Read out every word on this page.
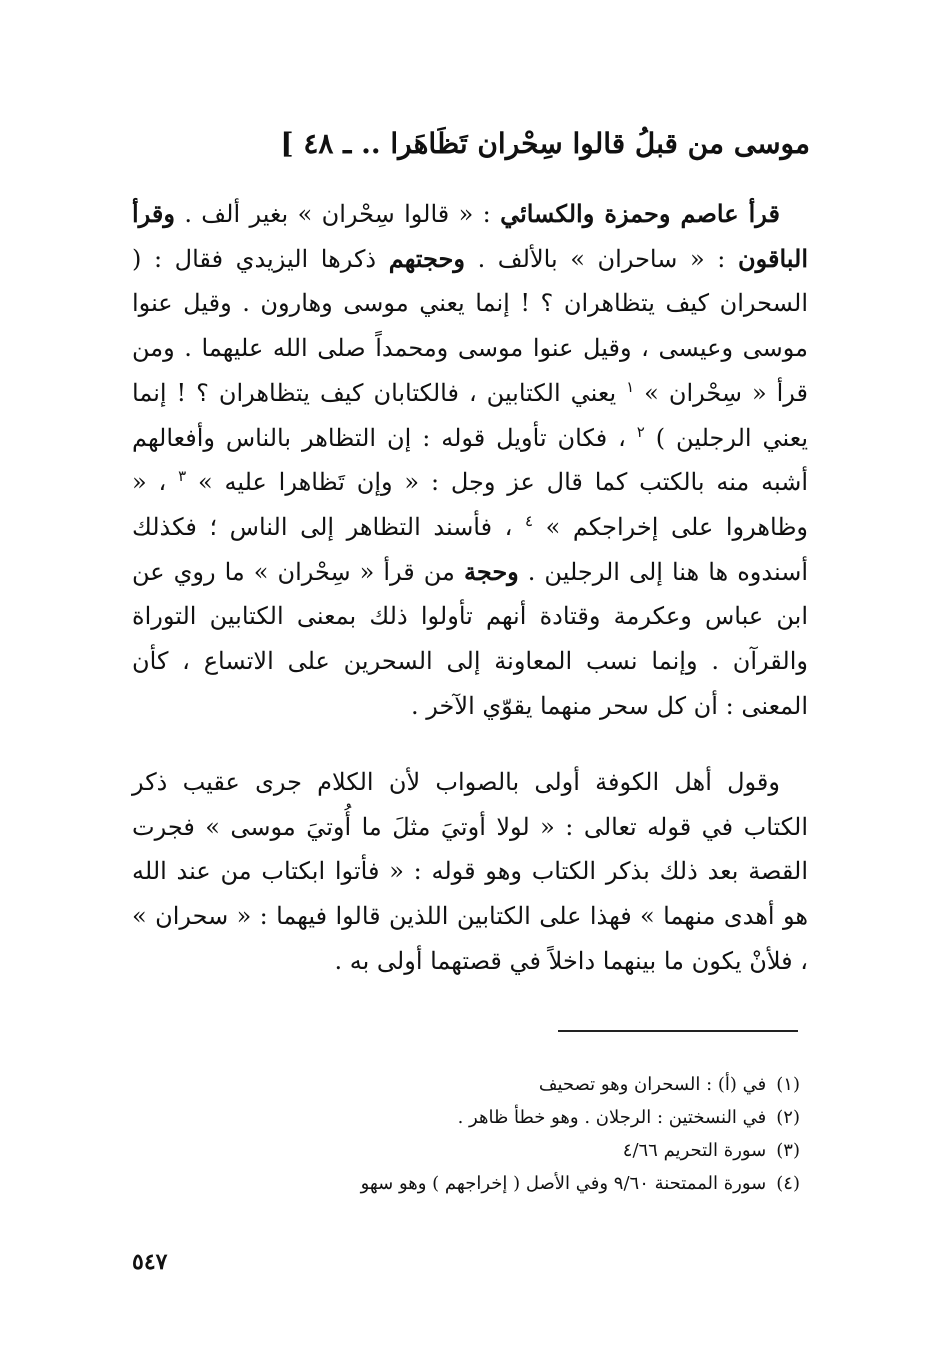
موسى من قبلُ قالوا سِحْران تَظَاهَرا .. ـ ٤٨ ]
قرأ عاصم وحمزة والكسائي : « قالوا سِحْران » بغير ألف . وقرأ الباقون : « ساحران » بالألف . وحجتهم ذكرها اليزيدي فقال : ( السحران كيف يتظاهران ؟ ! إنما يعني موسى وهارون . وقيل عنوا موسى وعيسى ، وقيل عنوا موسى ومحمداً صلى الله عليهما . ومن قرأ « سِحْران » $^١$ يعني الكتابين ، فالكتابان كيف يتظاهران ؟ ! إنما يعني الرجلين ) $^٢$ ، فكان تأويل قوله : إن التظاهر بالناس وأفعالهم أشبه منه بالكتب كما قال عز وجل : « وإن تَظاهرا عليه » $^٣$ ، « وظاهروا على إخراجكم » $^٤$ ، فأسند التظاهر إلى الناس ؛ فكذلك أسندوه ها هنا إلى الرجلين . وحجة من قرأ « سِحْران » ما روي عن ابن عباس وعكرمة وقتادة أنهم تأولوا ذلك بمعنى الكتابين التوراة والقرآن . وإنما نسب المعاونة إلى السحرين على الاتساع ، كأن المعنى : أن كل سحر منهما يقوّي الآخر .
وقول أهل الكوفة أولى بالصواب لأن الكلام جرى عقيب ذكر الكتاب في قوله تعالى : « لولا أوتيَ مثلَ ما أُوتيَ موسى » فجرت القصة بعد ذلك بذكر الكتاب وهو قوله : « فأتوا ابكتاب من عند الله هو أهدى منهما » فهذا على الكتابين اللذين قالوا فيهما : « سحران » ، فلأنْ يكون ما بينهما داخلاً في قصتهما أولى به .
(١)في (أ) : السحران وهو تصحيف
(٢)في النسختين : الرجلان . وهو خطأ ظاهر .
(٣)سورة التحريم ٤/٦٦
(٤)سورة الممتحنة ٩/٦٠ وفي الأصل ( إخراجهم ) وهو سهو
٥٤٧
